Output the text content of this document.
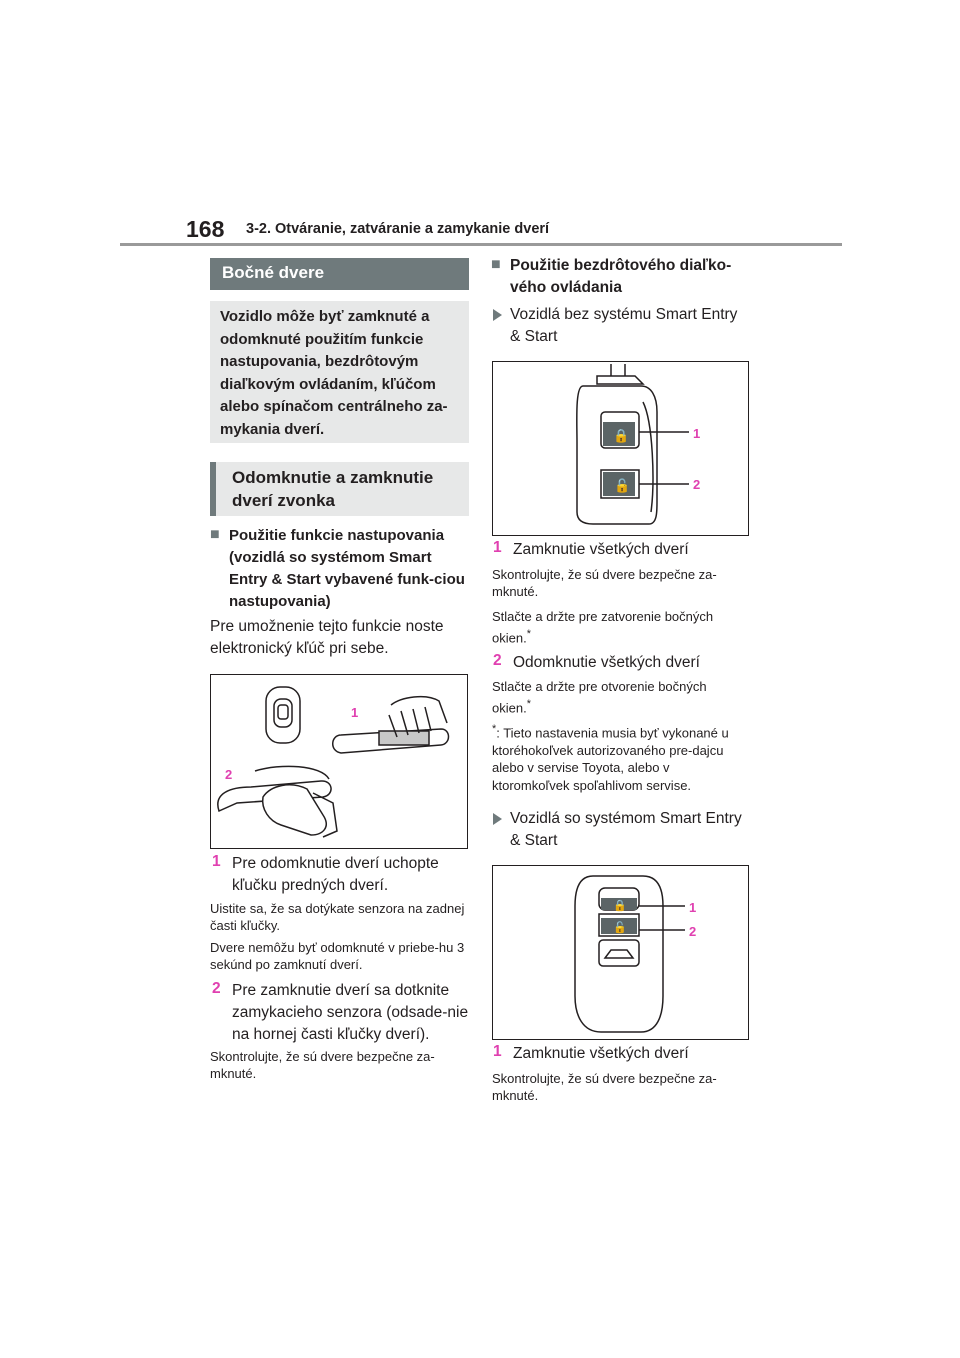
168 3-2. Otváranie, zatváranie a zamykanie dverí
Bočné dvere
Vozidlo môže byť zamknuté a odomknuté použitím funkcie nastupovania, bezdrôtovým diaľkovým ovládaním, kľúčom alebo spínačom centrálneho za-mykania dverí.
Odomknutie a zamknutie dverí zvonka
■ Použitie funkcie nastupovania (vozidlá so systémom Smart Entry & Start vybavené funk-ciou nastupovania)
Pre umožnenie tejto funkcie noste elektronický kľúč pri sebe.
1
2
1 Pre odomknutie dverí uchopte kľučku predných dverí.
Uistite sa, že sa dotýkate senzora na zadnej časti kľučky.
Dvere nemôžu byť odomknuté v priebe-hu 3 sekúnd po zamknutí dverí.
2 Pre zamknutie dverí sa dotknite zamykacieho senzora (odsade-nie na hornej časti kľučky dverí).
Skontrolujte, že sú dvere bezpečne za-mknuté.
■ Použitie bezdrôtového diaľko-vého ovládania
Vozidlá bez systému Smart Entry & Start
🔒
🔓
1
2
1 Zamknutie všetkých dverí
Skontrolujte, že sú dvere bezpečne za-mknuté.
Stlačte a držte pre zatvorenie bočných okien.*
2 Odomknutie všetkých dverí
Stlačte a držte pre otvorenie bočných okien.*
*: Tieto nastavenia musia byť vykonané u ktoréhokoľvek autorizovaného pre-dajcu alebo v servise Toyota, alebo v ktoromkoľvek spoľahlivom servise.
Vozidlá so systémom Smart Entry & Start
🔒
🔓
1
2
1 Zamknutie všetkých dverí
Skontrolujte, že sú dvere bezpečne za-mknuté.
